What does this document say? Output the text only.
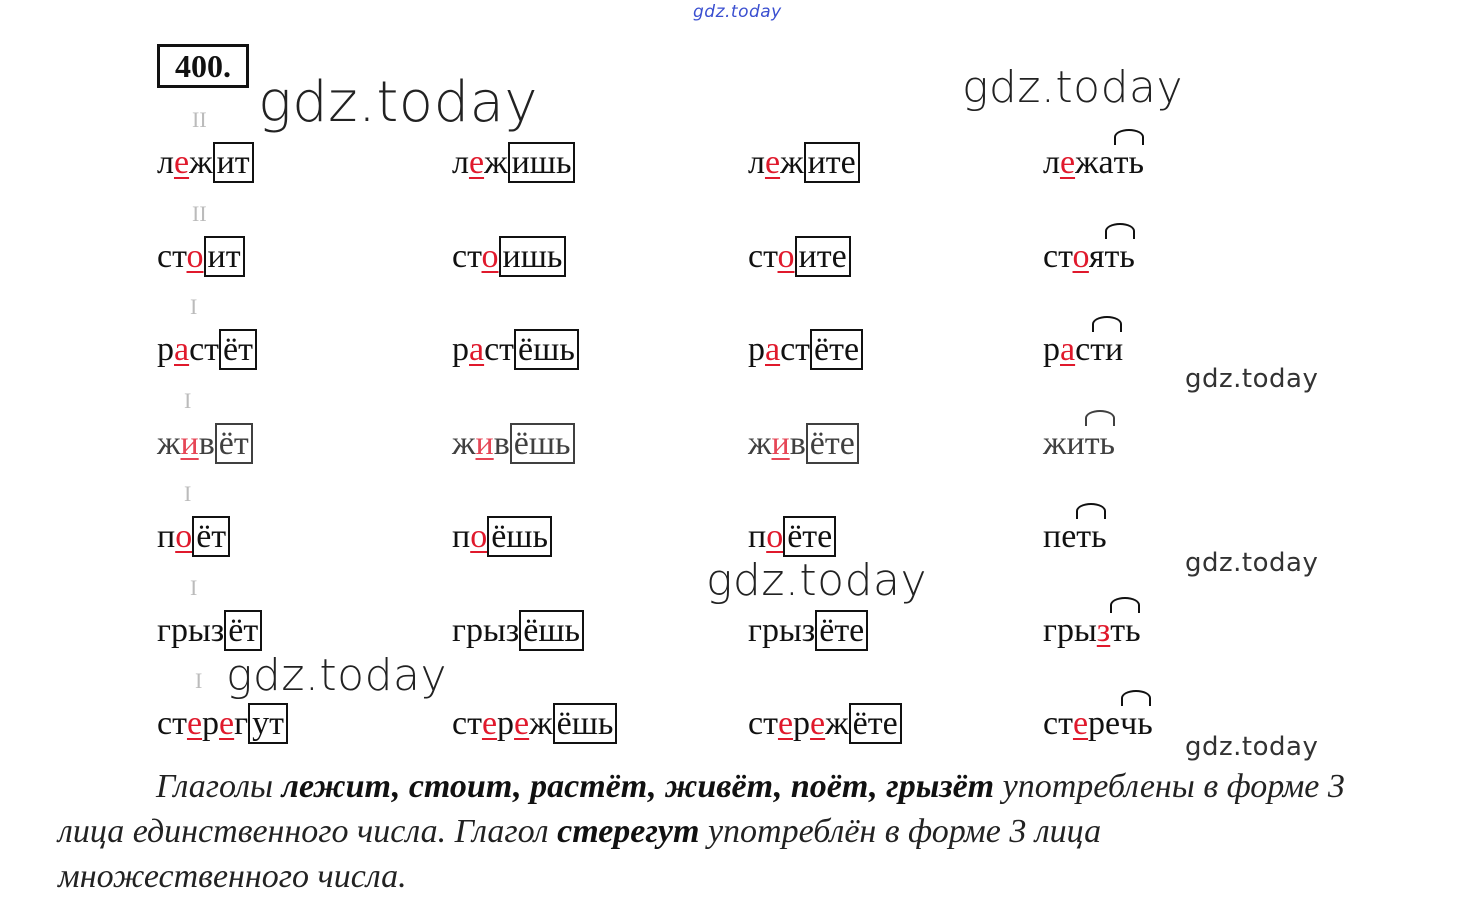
gdz.today
400.
II
леж ит	леж ишь	леж ите	лежать
II
сто ит	сто ишь	сто ите	стоять
I
раст ёт	раст ёшь	раст ёте	расти
I
жив ёт	жив ёшь	жив ёте	жить
I
по ёт	по ёшь	по ёте	петь
I
грыз ёт	грыз ёшь	грыз ёте	грызть
I
стерег ут	стереж ёшь	стереж ёте	стеречь
Глаголы лежит, стоит, растёт, живёт, поёт, грызёт употреблены в форме 3 лица единственного числа. Глагол стерегут употреблён в форме 3 лица множественного числа.
gdz.today	gdz.today
gdz.today
gdz.today
gdz.today
gdz.today
gdz.today
